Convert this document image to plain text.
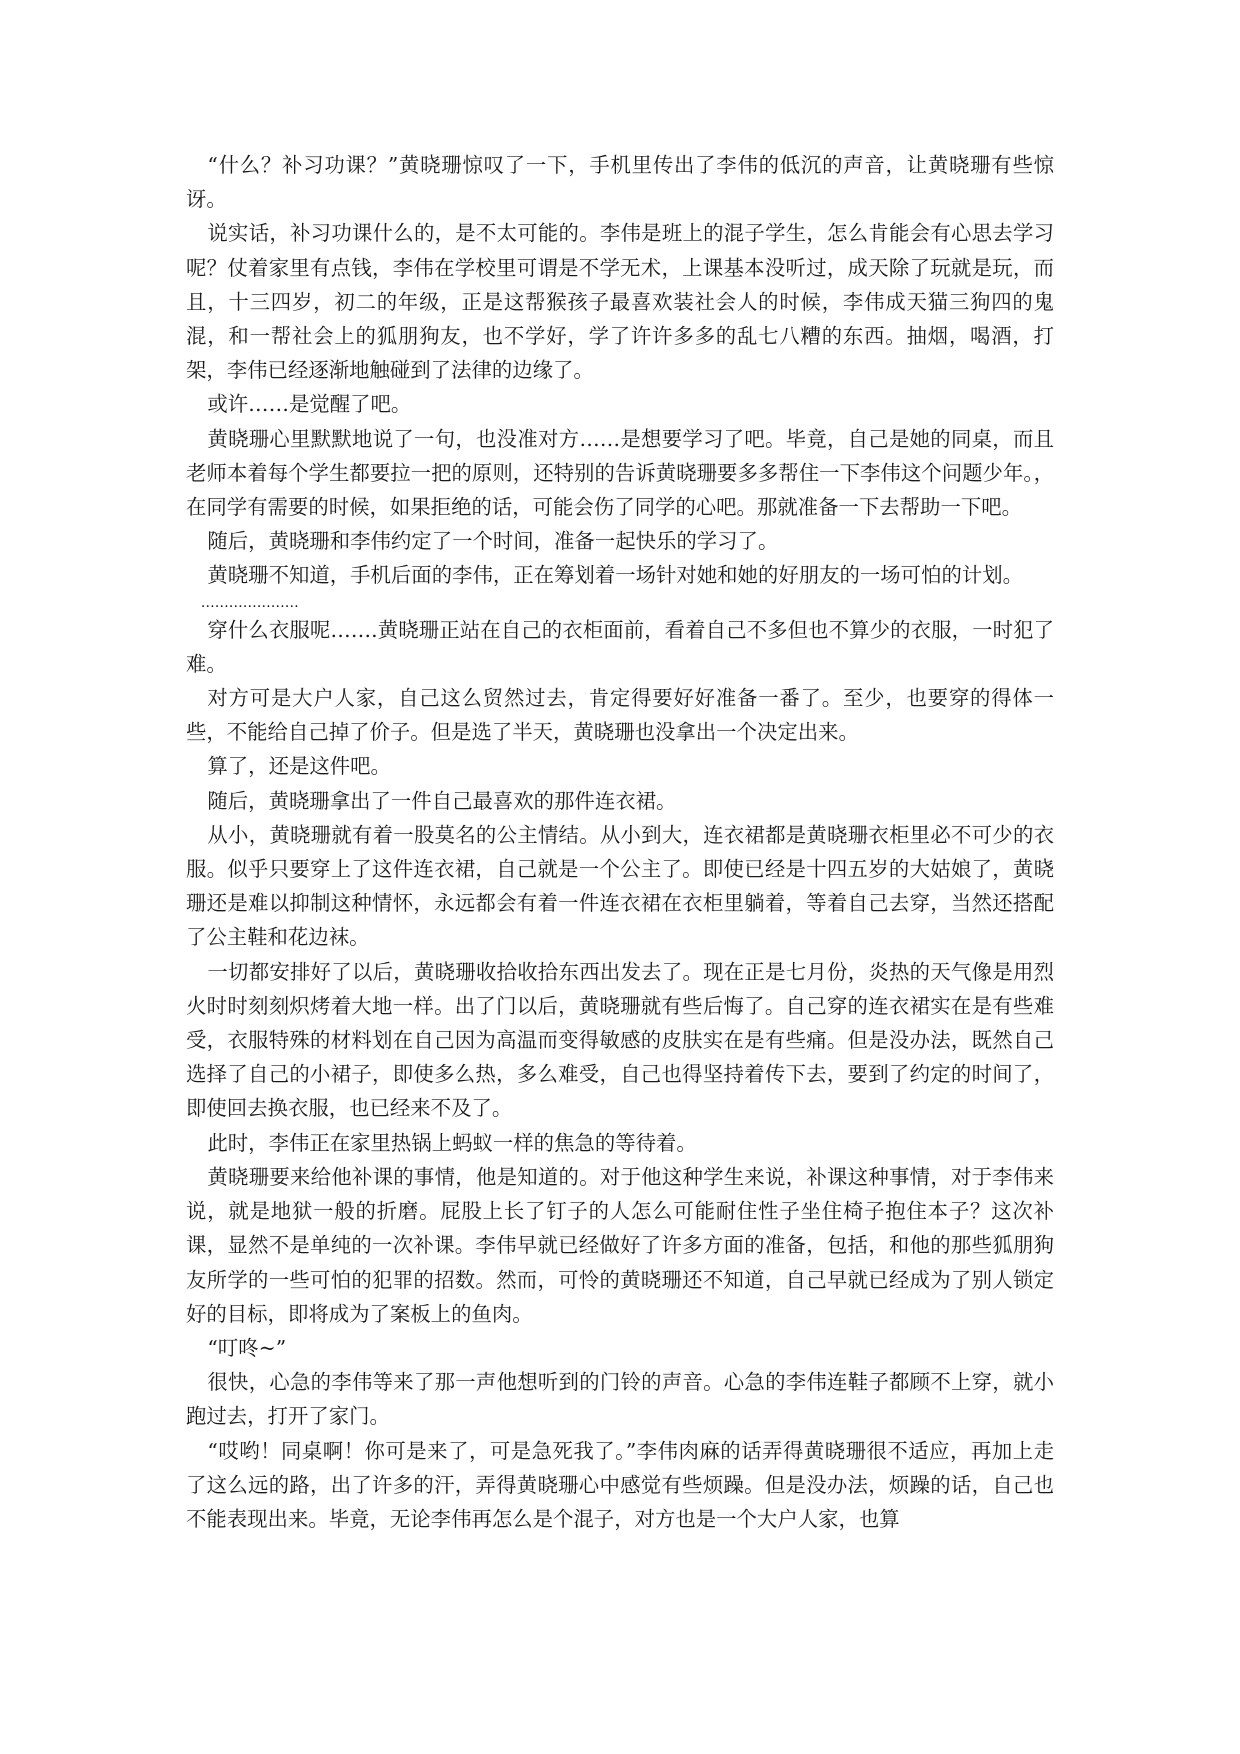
“什么？补习功课？”黄晓珊惊叹了一下，手机里传出了李伟的低沉的声音，让黄晓珊有些惊讶。

说实话，补习功课什么的，是不太可能的。李伟是班上的混子学生，怎么肯能会有心思去学习呢？仗着家里有点钱，李伟在学校里可谓是不学无术，上课基本没听过，成天除了玩就是玩，而且，十三四岁，初二的年级，正是这帮猴孩子最喜欢装社会人的时候，李伟成天猫三狗四的鬼混，和一帮社会上的狐朋狗友，也不学好，学了许许多多的乱七八糟的东西。抽烟，喝酒，打架，李伟已经逐渐地触碰到了法律的边缘了。

或许……是觉醒了吧。

黄晓珊心里默默地说了一句，也没准对方……是想要学习了吧。毕竟，自己是她的同桌，而且老师本着每个学生都要拉一把的原则，还特别的告诉黄晓珊要多多帮住一下李伟这个问题少年。，在同学有需要的时候，如果拒绝的话，可能会伤了同学的心吧。那就准备一下去帮助一下吧。

随后，黄晓珊和李伟约定了一个时间，准备一起快乐的学习了。

黄晓珊不知道，手机后面的李伟，正在筹划着一场针对她和她的好朋友的一场可怕的计划。

…………………

穿什么衣服呢…….黄晓珊正站在自己的衣柜面前，看着自己不多但也不算少的衣服，一时犯了难。

对方可是大户人家，自己这么贸然过去，肯定得要好好准备一番了。至少，也要穿的得体一些，不能给自己掉了价子。但是选了半天，黄晓珊也没拿出一个决定出来。

算了，还是这件吧。

随后，黄晓珊拿出了一件自己最喜欢的那件连衣裙。

从小，黄晓珊就有着一股莫名的公主情结。从小到大，连衣裙都是黄晓珊衣柜里必不可少的衣服。似乎只要穿上了这件连衣裙，自己就是一个公主了。即使已经是十四五岁的大姑娘了，黄晓珊还是难以抑制这种情怀，永远都会有着一件连衣裙在衣柜里躺着，等着自己去穿，当然还搭配了公主鞋和花边袜。

一切都安排好了以后，黄晓珊收拾收拾东西出发去了。现在正是七月份，炎热的天气像是用烈火时时刻刻炽烤着大地一样。出了门以后，黄晓珊就有些后悔了。自己穿的连衣裙实在是有些难受，衣服特殊的材料划在自己因为高温而变得敏感的皮肤实在是有些痛。但是没办法，既然自己选择了自己的小裙子，即使多么热，多么难受，自己也得坚持着传下去，要到了约定的时间了，即使回去换衣服，也已经来不及了。

此时，李伟正在家里热锅上蚂蚁一样的焦急的等待着。

黄晓珊要来给他补课的事情，他是知道的。对于他这种学生来说，补课这种事情，对于李伟来说，就是地狱一般的折磨。屁股上长了钉子的人怎么可能耐住性子坐住椅子抱住本子？这次补课，显然不是单纯的一次补课。李伟早就已经做好了许多方面的准备，包括，和他的那些狐朋狗友所学的一些可怕的犯罪的招数。然而，可怜的黄晓珊还不知道，自己早就已经成为了别人锁定好的目标，即将成为了案板上的鱼肉。

“叮咚~”

很快，心急的李伟等来了那一声他想听到的门铃的声音。心急的李伟连鞋子都顾不上穿，就小跑过去，打开了家门。

“哎哟！同桌啊！你可是来了，可是急死我了。”李伟肉麻的话弄得黄晓珊很不适应，再加上走了这么远的路，出了许多的汗，弄得黄晓珊心中感觉有些烦躁。但是没办法，烦躁的话，自己也不能表现出来。毕竟，无论李伟再怎么是个混子，对方也是一个大户人家，也算
